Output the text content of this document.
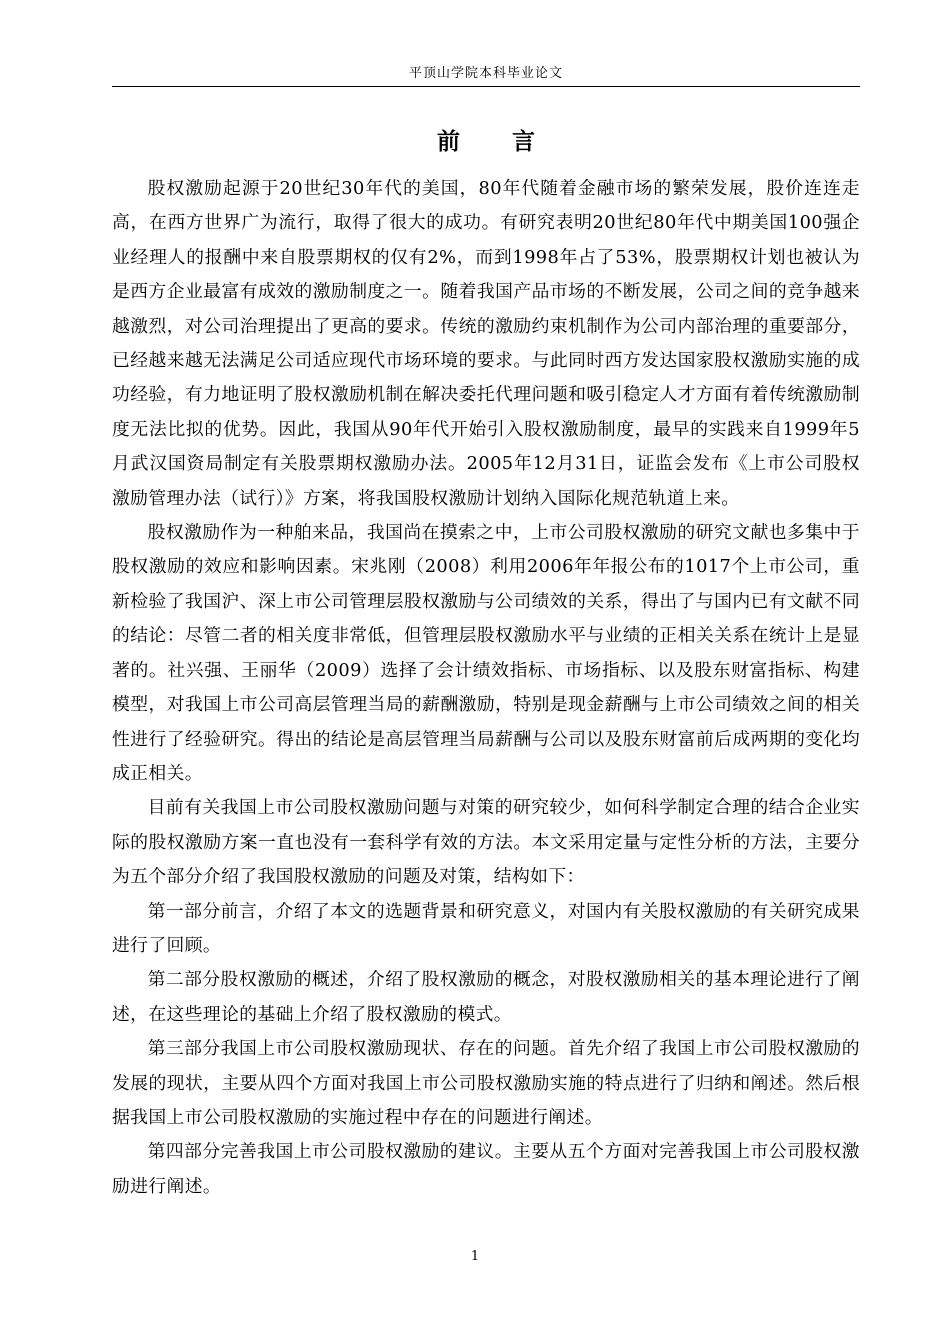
平顶山学院本科毕业论文
前 言

股权激励起源于20世纪30年代的美国，80年代随着金融市场的繁荣发展，股价连连走高，在西方世界广为流行，取得了很大的成功。有研究表明20世纪80年代中期美国100强企业经理人的报酬中来自股票期权的仅有2%，而到1998年占了53%，股票期权计划也被认为是西方企业最富有成效的激励制度之一。随着我国产品市场的不断发展，公司之间的竞争越来越激烈，对公司治理提出了更高的要求。传统的激励约束机制作为公司内部治理的重要部分，已经越来越无法满足公司适应现代市场环境的要求。与此同时西方发达国家股权激励实施的成功经验，有力地证明了股权激励机制在解决委托代理问题和吸引稳定人才方面有着传统激励制度无法比拟的优势。因此，我国从90年代开始引入股权激励制度，最早的实践来自1999年5月武汉国资局制定有关股票期权激励办法。2005年12月31日，证监会发布《上市公司股权激励管理办法（试行）》方案，将我国股权激励计划纳入国际化规范轨道上来。

股权激励作为一种舶来品，我国尚在摸索之中，上市公司股权激励的研究文献也多集中于股权激励的效应和影响因素。宋兆刚（2008）利用2006年年报公布的1017个上市公司，重新检验了我国沪、深上市公司管理层股权激励与公司绩效的关系，得出了与国内已有文献不同的结论：尽管二者的相关度非常低，但管理层股权激励水平与业绩的正相关关系在统计上是显著的。社兴强、王丽华（2009）选择了会计绩效指标、市场指标、以及股东财富指标、构建模型，对我国上市公司高层管理当局的薪酬激励，特别是现金薪酬与上市公司绩效之间的相关性进行了经验研究。得出的结论是高层管理当局薪酬与公司以及股东财富前后成两期的变化均成正相关。

目前有关我国上市公司股权激励问题与对策的研究较少，如何科学制定合理的结合企业实际的股权激励方案一直也没有一套科学有效的方法。本文采用定量与定性分析的方法，主要分为五个部分介绍了我国股权激励的问题及对策，结构如下：

第一部分前言，介绍了本文的选题背景和研究意义，对国内有关股权激励的有关研究成果进行了回顾。

第二部分股权激励的概述，介绍了股权激励的概念，对股权激励相关的基本理论进行了阐述，在这些理论的基础上介绍了股权激励的模式。

第三部分我国上市公司股权激励现状、存在的问题。首先介绍了我国上市公司股权激励的发展的现状，主要从四个方面对我国上市公司股权激励实施的特点进行了归纳和阐述。然后根据我国上市公司股权激励的实施过程中存在的问题进行阐述。

第四部分完善我国上市公司股权激励的建议。主要从五个方面对完善我国上市公司股权激励进行阐述。

1
